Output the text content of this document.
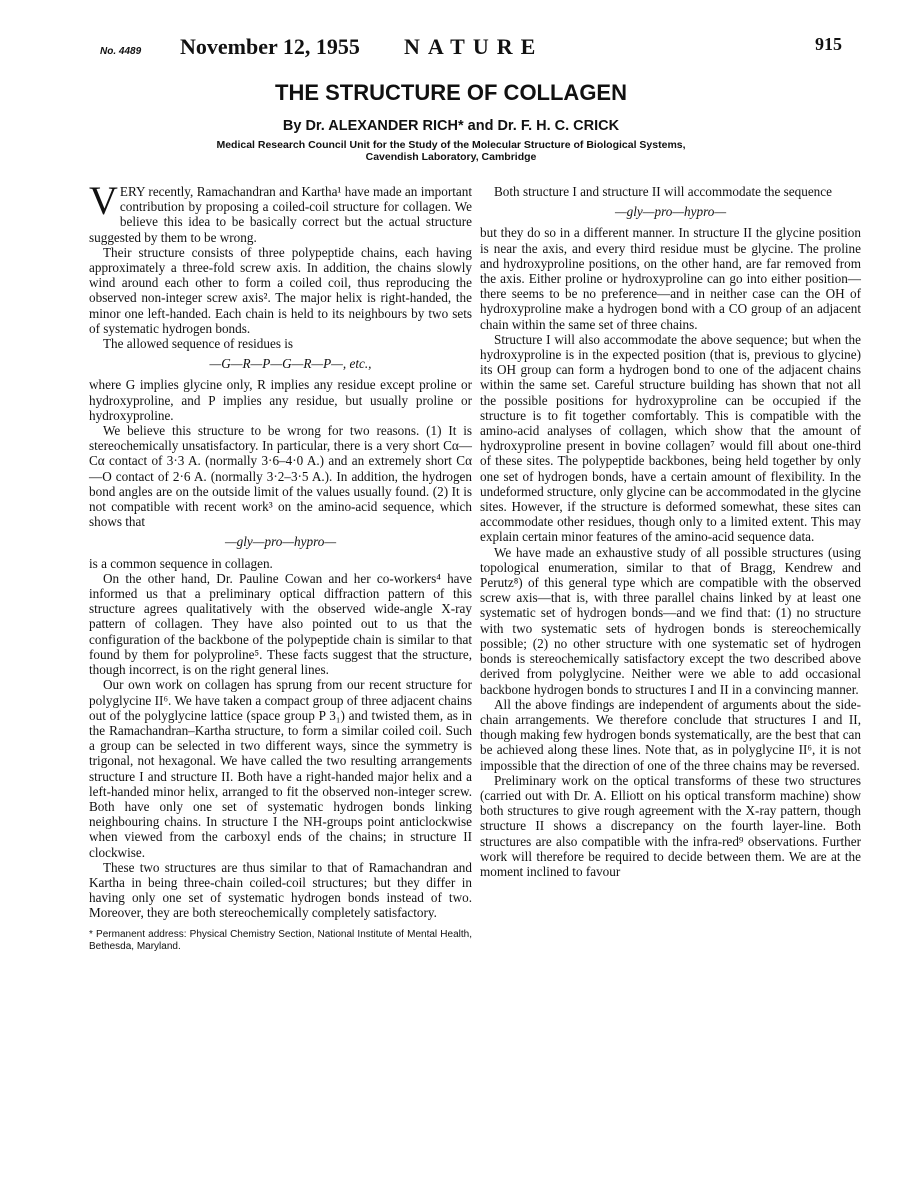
No. 4489 November 12, 1955 NATURE	915
THE STRUCTURE OF COLLAGEN
By Dr. ALEXANDER RICH* and Dr. F. H. C. CRICK
Medical Research Council Unit for the Study of the Molecular Structure of Biological Systems,
Cavendish Laboratory, Cambridge

VERY recently, Ramachandran and Kartha¹ have made an important contribution by proposing a coiled-coil structure for collagen. We believe this idea to be basically correct but the actual structure suggested by them to be wrong.

Their structure consists of three polypeptide chains, each having approximately a three-fold screw axis. In addition, the chains slowly wind around each other to form a coiled coil, thus reproducing the observed non-integer screw axis². The major helix is right-handed, the minor one left-handed. Each chain is held to its neighbours by two sets of systematic hydrogen bonds.

The allowed sequence of residues is

—G—R—P—G—R—P—, etc.,

where G implies glycine only, R implies any residue except proline or hydroxyproline, and P implies any residue, but usually proline or hydroxyproline.

We believe this structure to be wrong for two reasons. (1) It is stereochemically unsatisfactory. In particular, there is a very short Cα—Cα contact of 3·3 A. (normally 3·6–4·0 A.) and an extremely short Cα—O contact of 2·6 A. (normally 3·2–3·5 A.). In addition, the hydrogen bond angles are on the outside limit of the values usually found. (2) It is not compatible with recent work³ on the amino-acid sequence, which shows that

—gly—pro—hypro—

is a common sequence in collagen.

On the other hand, Dr. Pauline Cowan and her co-workers⁴ have informed us that a preliminary optical diffraction pattern of this structure agrees qualitatively with the observed wide-angle X-ray pattern of collagen. They have also pointed out to us that the configuration of the backbone of the polypeptide chain is similar to that found by them for polyproline⁵. These facts suggest that the structure, though incorrect, is on the right general lines.

Our own work on collagen has sprung from our recent structure for polyglycine II⁶. We have taken a compact group of three adjacent chains out of the polyglycine lattice (space group P 3₁) and twisted them, as in the Ramachandran–Kartha structure, to form a similar coiled coil. Such a group can be selected in two different ways, since the symmetry is trigonal, not hexagonal. We have called the two resulting arrangements structure I and structure II. Both have a right-handed major helix and a left-handed minor helix, arranged to fit the observed non-integer screw. Both have only one set of systematic hydrogen bonds linking neighbouring chains. In structure I the NH-groups point anticlockwise when viewed from the carboxyl ends of the chains; in structure II clockwise.

These two structures are thus similar to that of Ramachandran and Kartha in being three-chain coiled-coil structures; but they differ in having only one set of systematic hydrogen bonds instead of two. Moreover, they are both stereochemically completely satisfactory.

* Permanent address: Physical Chemistry Section, National Institute of Mental Health, Bethesda, Maryland.

Both structure I and structure II will accommodate the sequence

—gly—pro—hypro—

but they do so in a different manner. In structure II the glycine position is near the axis, and every third residue must be glycine. The proline and hydroxyproline positions, on the other hand, are far removed from the axis. Either proline or hydroxyproline can go into either position—there seems to be no preference—and in neither case can the OH of hydroxyproline make a hydrogen bond with a CO group of an adjacent chain within the same set of three chains.

Structure I will also accommodate the above sequence; but when the hydroxyproline is in the expected position (that is, previous to glycine) its OH group can form a hydrogen bond to one of the adjacent chains within the same set. Careful structure building has shown that not all the possible positions for hydroxyproline can be occupied if the structure is to fit together comfortably. This is compatible with the amino-acid analyses of collagen, which show that the amount of hydroxyproline present in bovine collagen⁷ would fill about one-third of these sites. The polypeptide backbones, being held together by only one set of hydrogen bonds, have a certain amount of flexibility. In the undeformed structure, only glycine can be accommodated in the glycine sites. However, if the structure is deformed somewhat, these sites can accommodate other residues, though only to a limited extent. This may explain certain minor features of the amino-acid sequence data.

We have made an exhaustive study of all possible structures (using topological enumeration, similar to that of Bragg, Kendrew and Perutz⁸) of this general type which are compatible with the observed screw axis—that is, with three parallel chains linked by at least one systematic set of hydrogen bonds—and we find that: (1) no structure with two systematic sets of hydrogen bonds is stereochemically possible; (2) no other structure with one systematic set of hydrogen bonds is stereochemically satisfactory except the two described above derived from polyglycine. Neither were we able to add occasional backbone hydrogen bonds to structures I and II in a convincing manner.

All the above findings are independent of arguments about the side-chain arrangements. We therefore conclude that structures I and II, though making few hydrogen bonds systematically, are the best that can be achieved along these lines. Note that, as in polyglycine II⁶, it is not impossible that the direction of one of the three chains may be reversed.

Preliminary work on the optical transforms of these two structures (carried out with Dr. A. Elliott on his optical transform machine) show both structures to give rough agreement with the X-ray pattern, though structure II shows a discrepancy on the fourth layer-line. Both structures are also compatible with the infra-red⁹ observations. Further work will therefore be required to decide between them. We are at the moment inclined to favour
